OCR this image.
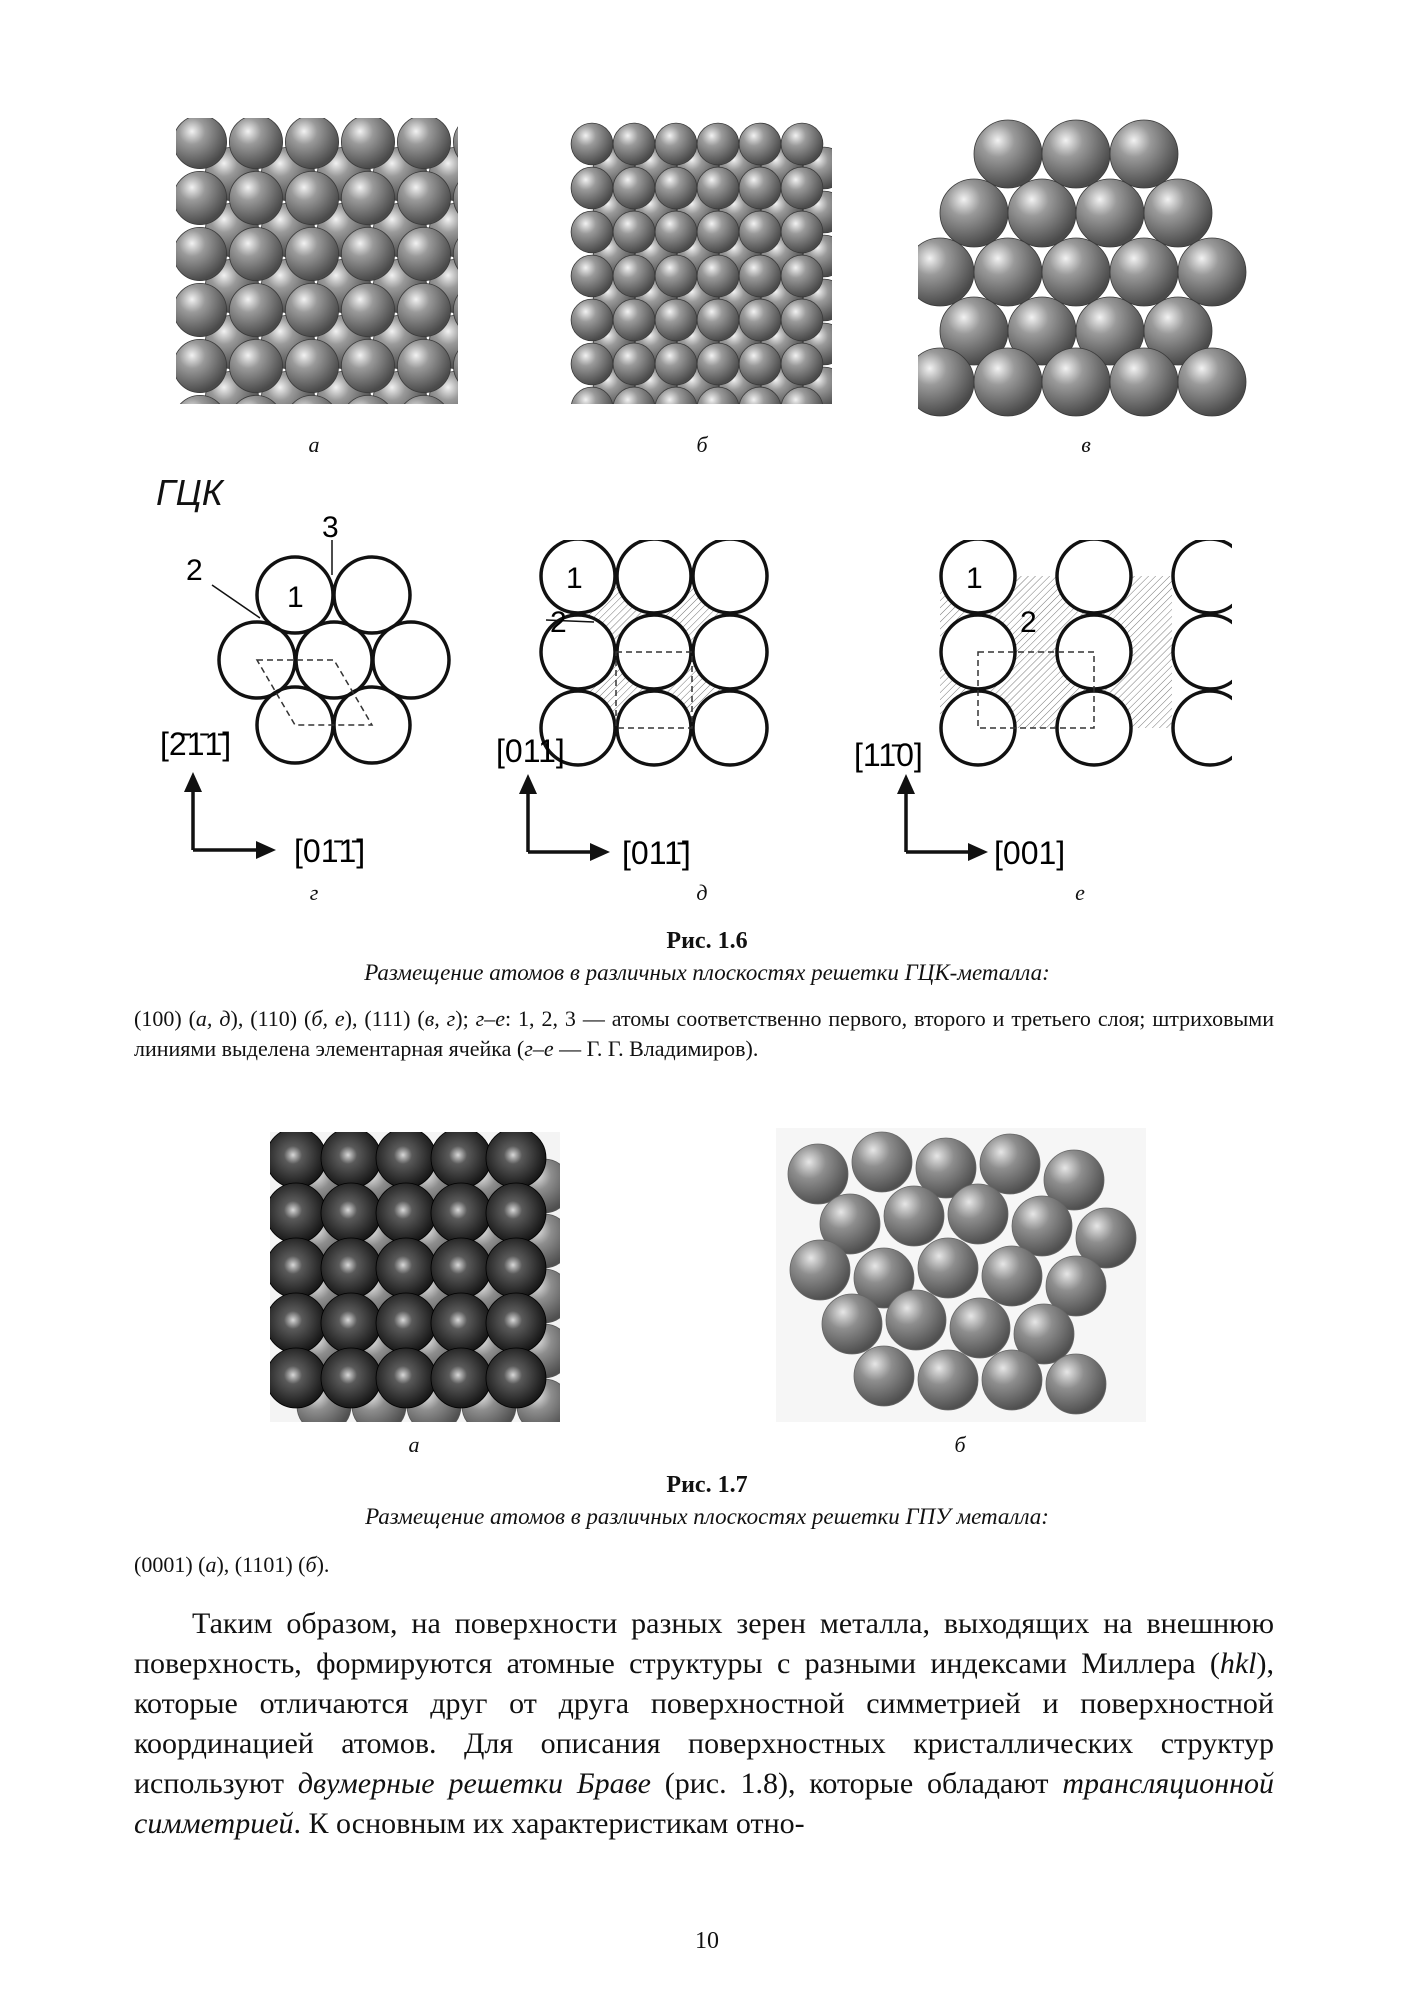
а	б	в
ГЦК
1
2
3
[2̄1̄1̄]
[01̄1̄]
1
2
[011]
[011̄]
1
2
[11̄0]
[001]
г	д	е
Рис. 1.6
Размещение атомов в различных плоскостях решетки ГЦК-металла:
(100) (а, д), (110) (б, е), (111) (в, г); г–е: 1, 2, 3 — атомы соответственно первого, второго и третьего слоя; штриховыми линиями выделена элементарная ячейка (г–е — Г. Г. Владимиров).
а	б
Рис. 1.7
Размещение атомов в различных плоскостях решетки ГПУ металла:
(0001) (а), (1101) (б).
Таким образом, на поверхности разных зерен металла, выходящих на внешнюю поверхность, формируются атомные структуры с разными индексами Миллера (hkl), которые отличаются друг от друга поверхностной симметрией и поверхностной координацией атомов. Для описания поверхностных кристаллических структур используют двумерные решетки Браве (рис. 1.8), которые обладают трансляционной симметрией. К основным их характеристикам отно-
10
